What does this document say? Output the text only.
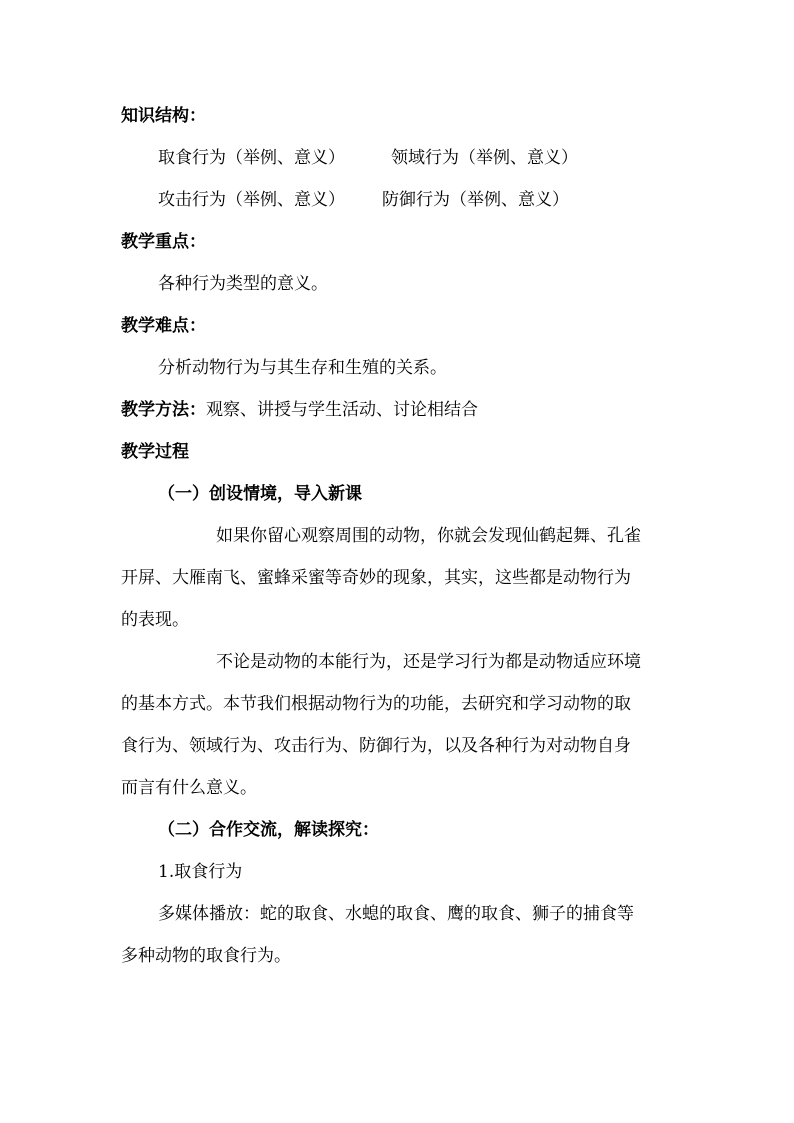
知识结构：
取食行为（举例、意义）	领域行为（举例、意义）
攻击行为（举例、意义） 防御行为（举例、意义）
教学重点：
各种行为类型的意义。
教学难点：
分析动物行为与其生存和生殖的关系。
教学方法：观察、讲授与学生活动、讨论相结合
教学过程
（一）创设情境，导入新课
如果你留心观察周围的动物，你就会发现仙鹤起舞、孔雀
开屏、大雁南飞、蜜蜂采蜜等奇妙的现象，其实，这些都是动物行为
的表现。
不论是动物的本能行为，还是学习行为都是动物适应环境
的基本方式。本节我们根据动物行为的功能，去研究和学习动物的取
食行为、领域行为、攻击行为、防御行为，以及各种行为对动物自身
而言有什么意义。
（二）合作交流，解读探究：
1.取食行为
多媒体播放：蛇的取食、水螅的取食、鹰的取食、狮子的捕食等
多种动物的取食行为。
